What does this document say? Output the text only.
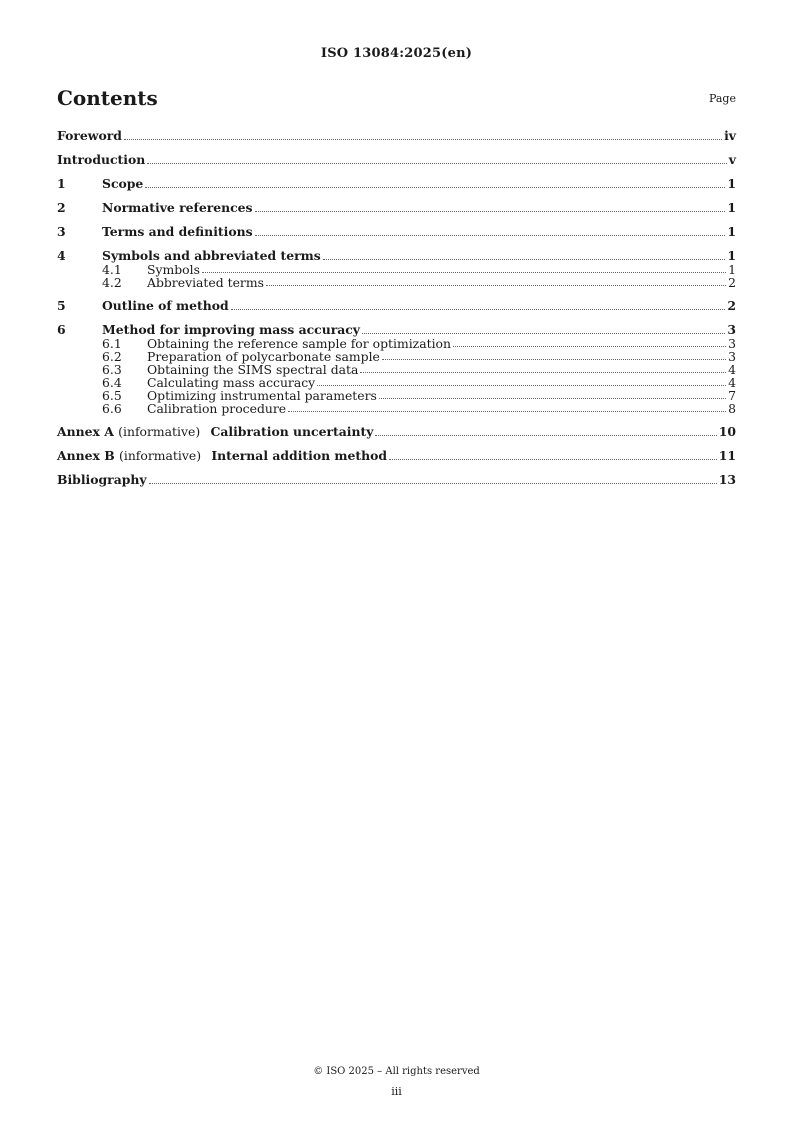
ISO 13084:2025(en)
Contents	Page
Foreword	iv
Introduction	v
1	Scope	1
2	Normative references	1
3	Terms and definitions	1
4	Symbols and abbreviated terms	1
4.1	Symbols	1
4.2	Abbreviated terms	2
5	Outline of method	2
6	Method for improving mass accuracy	3
6.1	Obtaining the reference sample for optimization	3
6.2	Preparation of polycarbonate sample	3
6.3	Obtaining the SIMS spectral data	4
6.4	Calculating mass accuracy	4
6.5	Optimizing instrumental parameters	7
6.6	Calibration procedure	8
Annex A (informative) Calibration uncertainty	10
Annex B (informative) Internal addition method	11
Bibliography	13
© ISO 2025 – All rights reserved
iii
